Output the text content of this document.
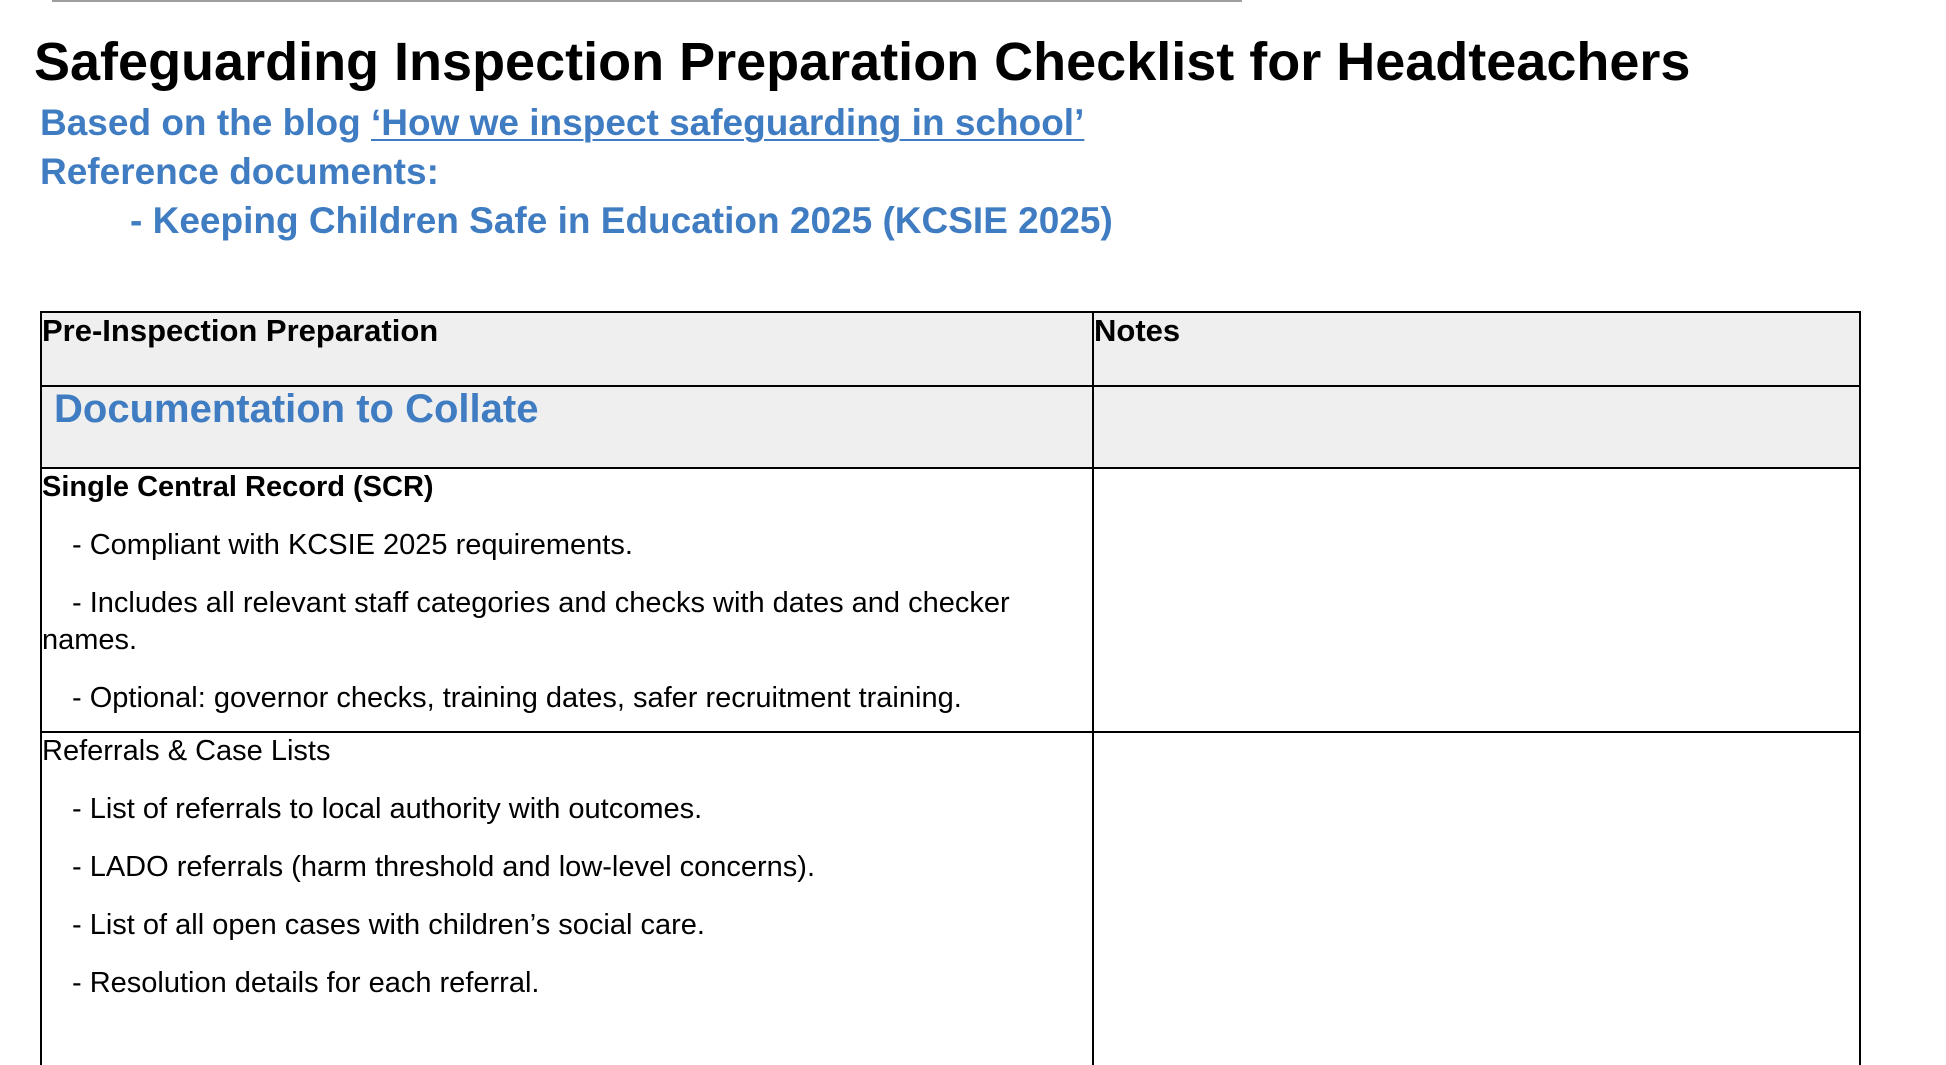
Safeguarding Inspection Preparation Checklist for Headteachers
Based on the blog ‘How we inspect safeguarding in school’
Reference documents:
- Keeping Children Safe in Education 2025 (KCSIE 2025)
Pre-Inspection Preparation	Notes

Documentation to Collate	

Single Central Record (SCR)
- Compliant with KCSIE 2025 requirements.
- Includes all relevant staff categories and checks with dates and checker names.
- Optional: governor checks, training dates, safer recruitment training.	

Referrals & Case Lists
- List of referrals to local authority with outcomes.
- LADO referrals (harm threshold and low-level concerns).
- List of all open cases with children’s social care.
- Resolution details for each referral.	
